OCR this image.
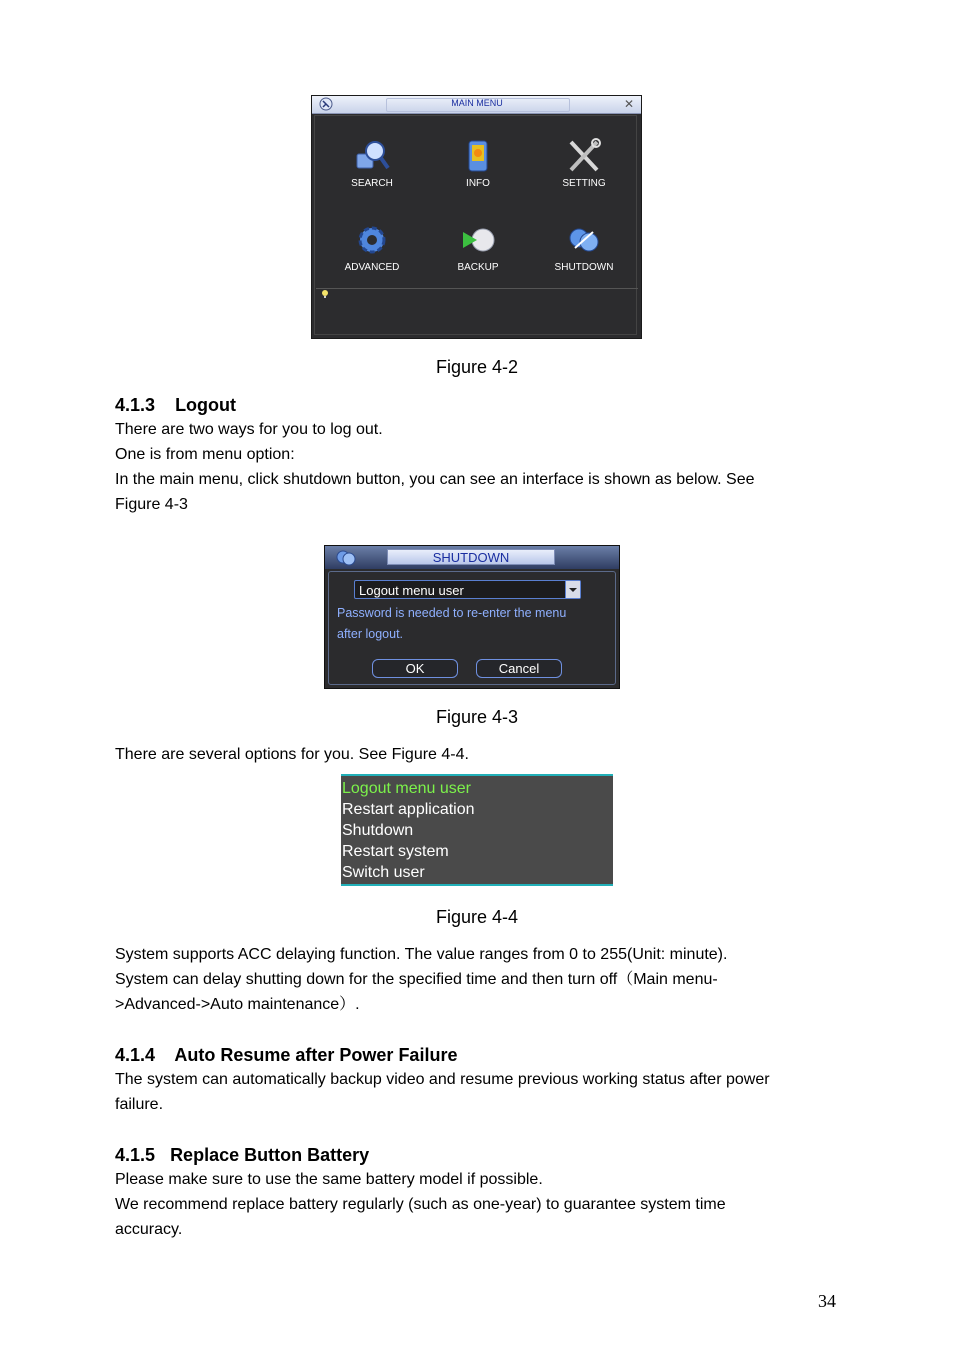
MAIN MENU	✕
SEARCH	INFO	SETTING
ADVANCED	BACKUP	SHUTDOWN
Figure 4-2
4.1.3 Logout
There are two ways for you to log out.
One is from menu option:
In the main menu, click shutdown button, you can see an interface is shown as below. See
Figure 4-3
SHUTDOWN
Logout menu user
Password is needed to re-enter the menu
after logout.
OK	Cancel
Figure 4-3
There are several options for you. See Figure 4-4.
Logout menu user
Restart application
Shutdown
Restart system
Switch user
Figure 4-4
System supports ACC delaying function. The value ranges from 0 to 255(Unit: minute).
System can delay shutting down for the specified time and then turn off（Main menu-
>Advanced->Auto maintenance）.
4.1.4 Auto Resume after Power Failure
The system can automatically backup video and resume previous working status after power
failure.
4.1.5 Replace Button Battery
Please make sure to use the same battery model if possible.
We recommend replace battery regularly (such as one-year) to guarantee system time
accuracy.
34
